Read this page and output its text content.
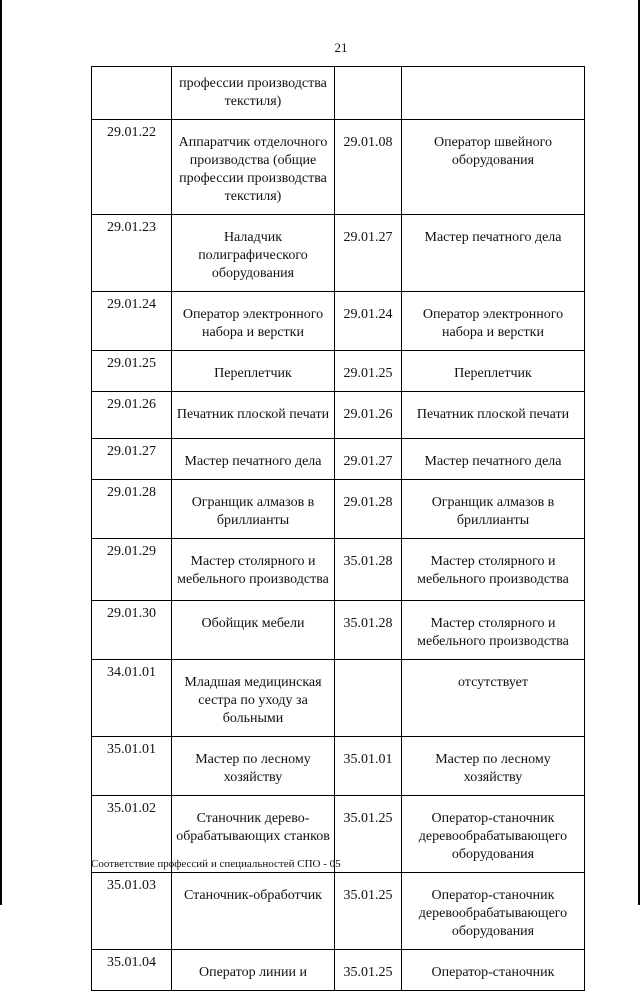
21
	профессии производства текстиля)		
29.01.22	Аппаратчик отделочного производства (общие профессии производства текстиля)	29.01.08	Оператор швейного оборудования
29.01.23	Наладчик полиграфического оборудования	29.01.27	Мастер печатного дела
29.01.24	Оператор электронного набора и верстки	29.01.24	Оператор электронного набора и верстки
29.01.25	Переплетчик	29.01.25	Переплетчик
29.01.26	Печатник плоской печати	29.01.26	Печатник плоской печати
29.01.27	Мастер печатного дела	29.01.27	Мастер печатного дела
29.01.28	Огранщик алмазов в бриллианты	29.01.28	Огранщик алмазов в бриллианты
29.01.29	Мастер столярного и мебельного производства	35.01.28	Мастер столярного и мебельного производства
29.01.30	Обойщик мебели	35.01.28	Мастер столярного и мебельного производства
34.01.01	Младшая медицинская сестра по уходу за больными		отсутствует
35.01.01	Мастер по лесному хозяйству	35.01.01	Мастер по лесному хозяйству
35.01.02	Станочник дерево-обрабатывающих станков	35.01.25	Оператор-станочник деревообрабатывающего оборудования
35.01.03	Станочник-обработчик	35.01.25	Оператор-станочник деревообрабатывающего оборудования
35.01.04	Оператор линии и	35.01.25	Оператор-станочник
Соответствие профессий и специальностей СПО - 05
